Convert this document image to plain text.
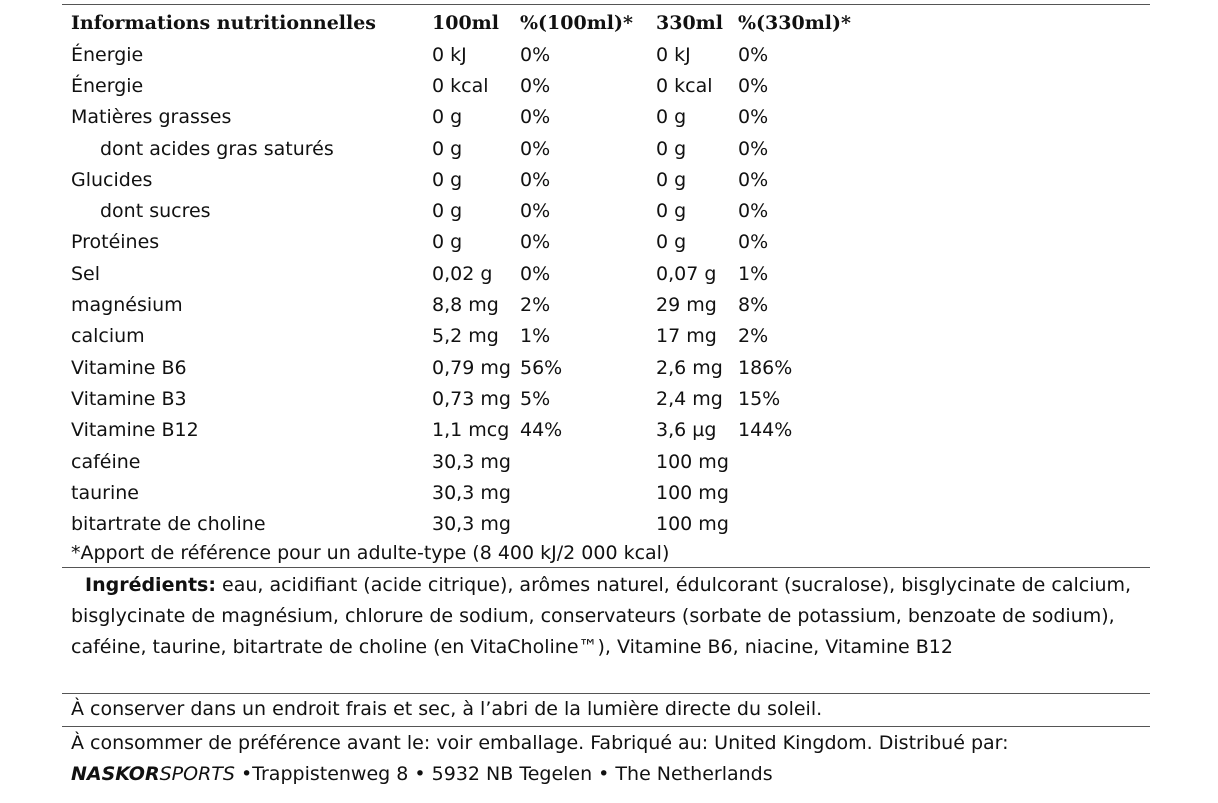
Informations nutritionnelles	100ml	%(100ml)*	330ml	%(330ml)*
Énergie	0 kJ	0%	0 kJ	0%
Énergie	0 kcal	0%	0 kcal	0%
Matières grasses	0 g	0%	0 g	0%
dont acides gras saturés	0 g	0%	0 g	0%
Glucides	0 g	0%	0 g	0%
dont sucres	0 g	0%	0 g	0%
Protéines	0 g	0%	0 g	0%
Sel	0,02 g	0%	0,07 g	1%
magnésium	8,8 mg	2%	29 mg	8%
calcium	5,2 mg	1%	17 mg	2%
Vitamine B6	0,79 mg	56%	2,6 mg	186%
Vitamine B3	0,73 mg	5%	2,4 mg	15%
Vitamine B12	1,1 mcg	44%	3,6 µg	144%
caféine	30,3 mg		100 mg	
taurine	30,3 mg		100 mg	
bitartrate de choline	30,3 mg		100 mg	
*Apport de référence pour un adulte-type (8 400 kJ/2 000 kcal)
Ingrédients: eau, acidifiant (acide citrique), arômes naturel, édulcorant (sucralose), bisglycinate de calcium, bisglycinate de magnésium, chlorure de sodium, conservateurs (sorbate de potassium, benzoate de sodium), caféine, taurine, bitartrate de choline (en VitaCholine™), Vitamine B6, niacine, Vitamine B12
À conserver dans un endroit frais et sec, à l’abri de la lumière directe du soleil.
À consommer de préférence avant le: voir emballage. Fabriqué au: United Kingdom. Distribué par:
NASKORSPORTS •Trappistenweg 8 • 5932 NB Tegelen • The Netherlands
